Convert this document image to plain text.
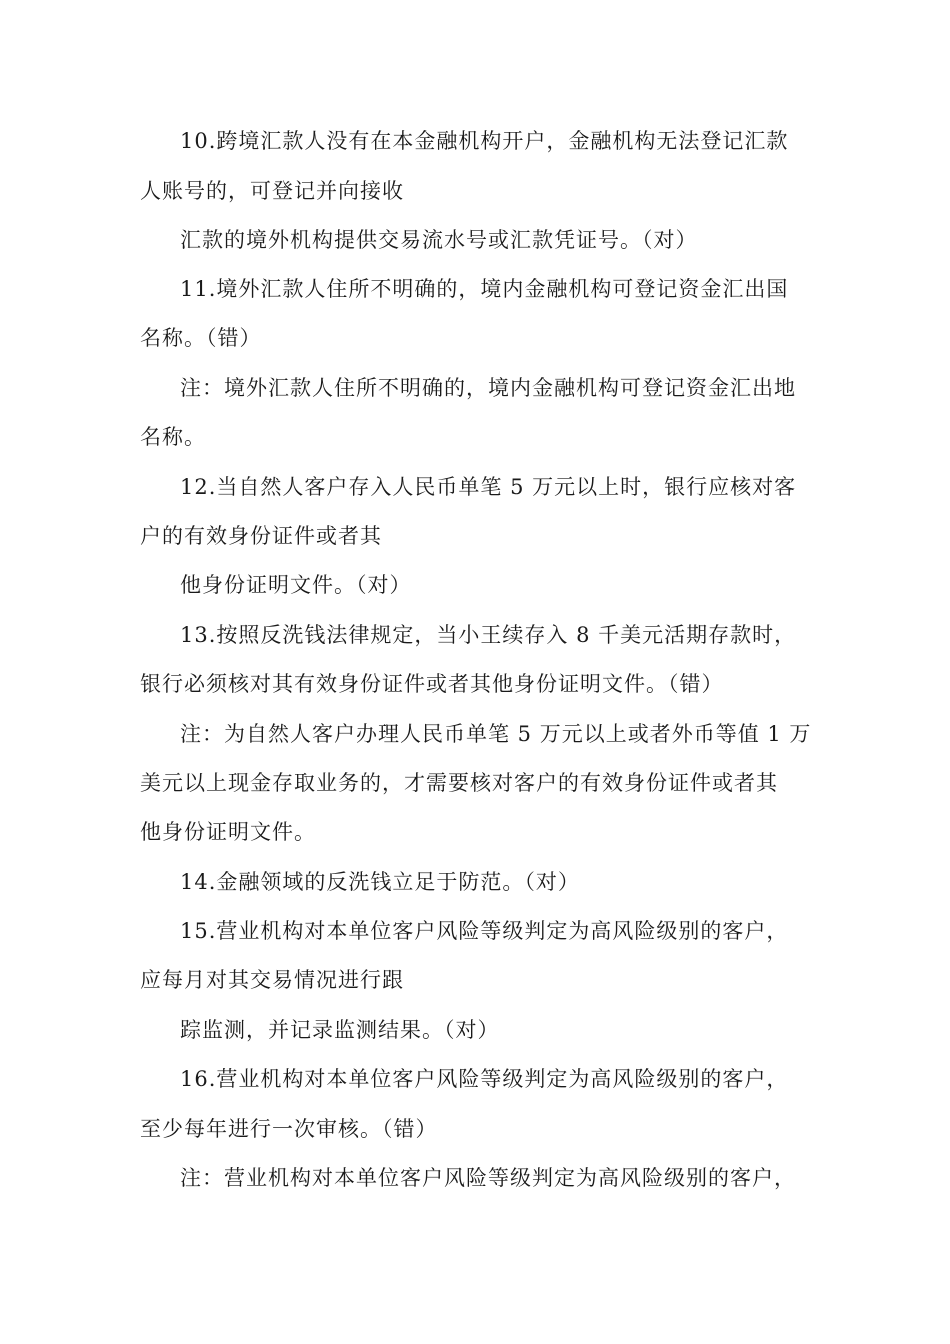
10.跨境汇款人没有在本金融机构开户，金融机构无法登记汇款
人账号的，可登记并向接收
汇款的境外机构提供交易流水号或汇款凭证号。（对）
11.境外汇款人住所不明确的，境内金融机构可登记资金汇出国
名称。（错）
注：境外汇款人住所不明确的，境内金融机构可登记资金汇出地
名称。
12.当自然人客户存入人民币单笔 5 万元以上时，银行应核对客
户的有效身份证件或者其
他身份证明文件。（对）
13.按照反洗钱法律规定，当小王续存入 8 千美元活期存款时，
银行必须核对其有效身份证件或者其他身份证明文件。（错）
注：为自然人客户办理人民币单笔 5 万元以上或者外币等值 1 万
美元以上现金存取业务的，才需要核对客户的有效身份证件或者其
他身份证明文件。
14.金融领域的反洗钱立足于防范。（对）
15.营业机构对本单位客户风险等级判定为高风险级别的客户，
应每月对其交易情况进行跟
踪监测，并记录监测结果。（对）
16.营业机构对本单位客户风险等级判定为高风险级别的客户，
至少每年进行一次审核。（错）
注：营业机构对本单位客户风险等级判定为高风险级别的客户，
